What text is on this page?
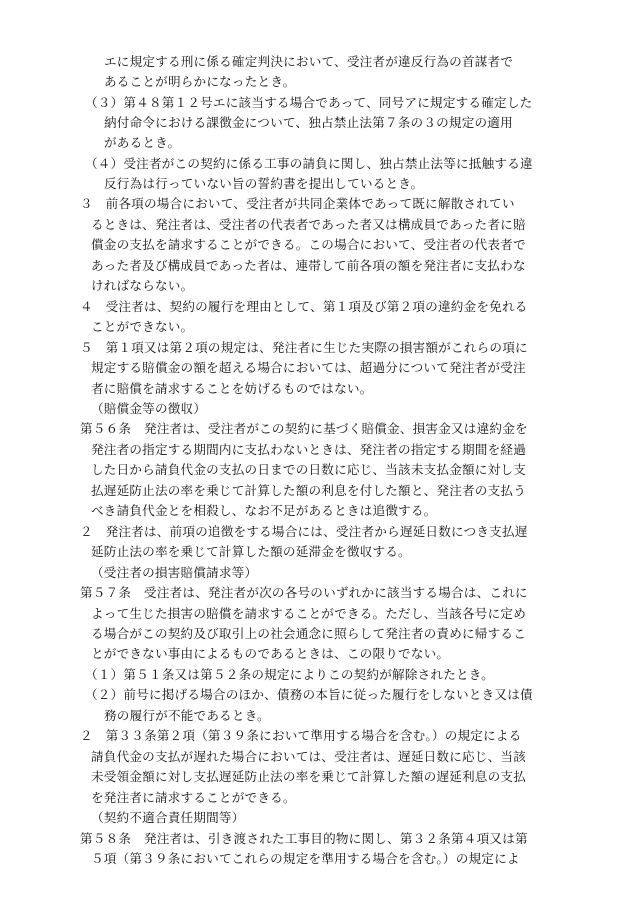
エに規定する刑に係る確定判決において、受注者が違反行為の首謀者で
あることが明らかになったとき。
（３）第４８第１２号エに該当する場合であって、同号アに規定する確定した
納付命令における課徴金について、独占禁止法第７条の３の規定の適用
があるとき。
（４）受注者がこの契約に係る工事の請負に関し、独占禁止法等に抵触する違
反行為は行っていない旨の誓約書を提出しているとき。
３　前各項の場合において、受注者が共同企業体であって既に解散されてい
るときは、発注者は、受注者の代表者であった者又は構成員であった者に賠
償金の支払を請求することができる。この場合において、受注者の代表者で
あった者及び構成員であった者は、連帯して前各項の額を発注者に支払わな
ければならない。
４　受注者は、契約の履行を理由として、第１項及び第２項の違約金を免れる
ことができない。
５　第１項又は第２項の規定は、発注者に生じた実際の損害額がこれらの項に
規定する賠償金の額を超える場合においては、超過分について発注者が受注
者に賠償を請求することを妨げるものではない。
（賠償金等の徴収）
第５６条　発注者は、受注者がこの契約に基づく賠償金、損害金又は違約金を
発注者の指定する期間内に支払わないときは、発注者の指定する期間を経過
した日から請負代金の支払の日までの日数に応じ、当該未支払金額に対し支
払遅延防止法の率を乗じて計算した額の利息を付した額と、発注者の支払う
べき請負代金とを相殺し、なお不足があるときは追徴する。
２　発注者は、前項の追徴をする場合には、受注者から遅延日数につき支払遅
延防止法の率を乗じて計算した額の延滞金を徴収する。
（受注者の損害賠償請求等）
第５７条　受注者は、発注者が次の各号のいずれかに該当する場合は、これに
よって生じた損害の賠償を請求することができる。ただし、当該各号に定め
る場合がこの契約及び取引上の社会通念に照らして発注者の責めに帰するこ
とができない事由によるものであるときは、この限りでない。
（１）第５１条又は第５２条の規定によりこの契約が解除されたとき。
（２）前号に掲げる場合のほか、債務の本旨に従った履行をしないとき又は債
務の履行が不能であるとき。
２　第３３条第２項（第３９条において準用する場合を含む。）の規定による
請負代金の支払が遅れた場合においては、受注者は、遅延日数に応じ、当該
未受領金額に対し支払遅延防止法の率を乗じて計算した額の遅延利息の支払
を発注者に請求することができる。
（契約不適合責任期間等）
第５８条　発注者は、引き渡された工事目的物に関し、第３２条第４項又は第
５項（第３９条においてこれらの規定を準用する場合を含む。）の規定によ
